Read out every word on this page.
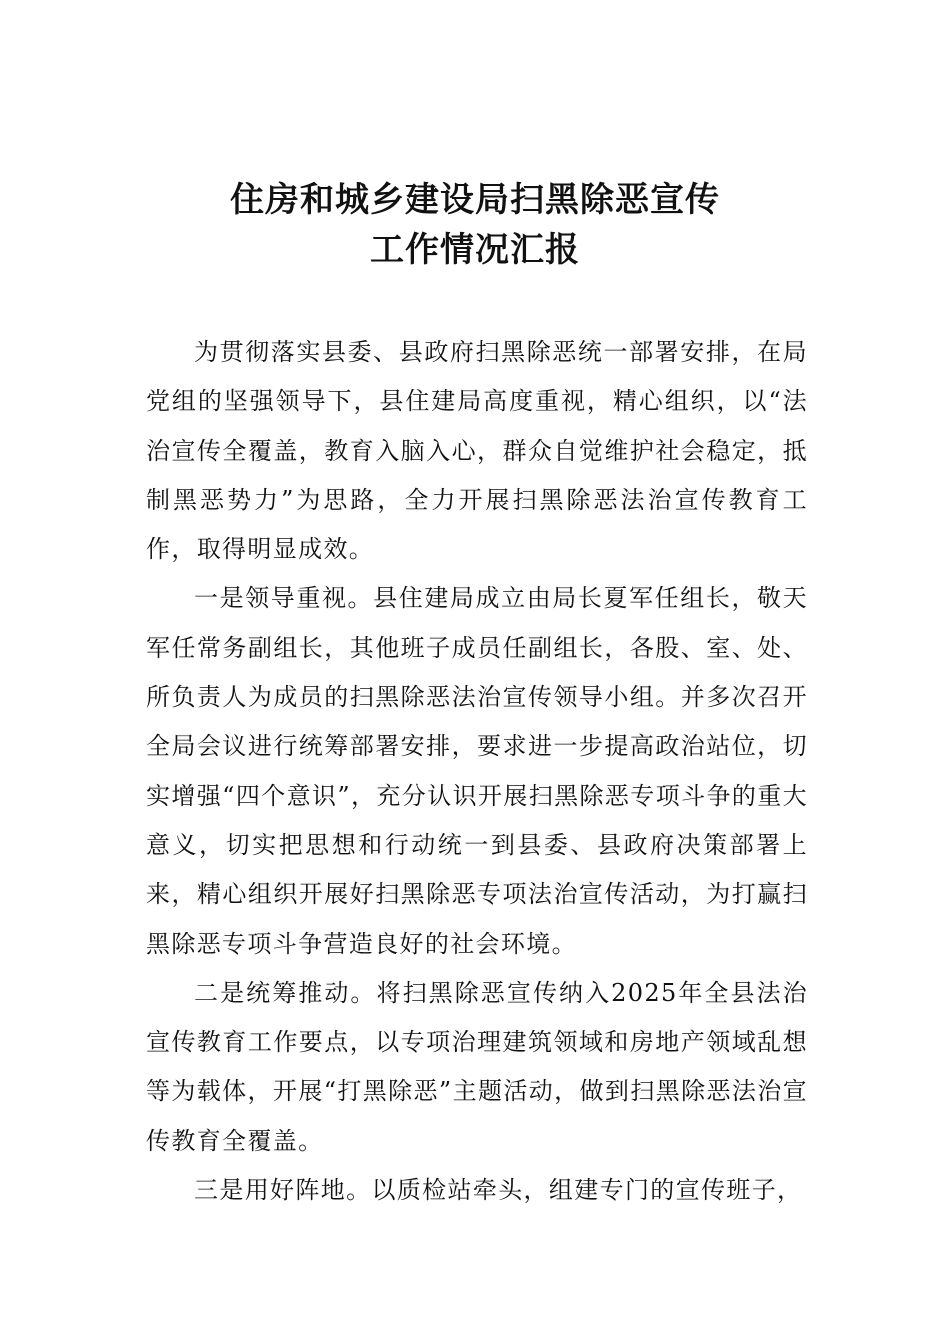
住房和城乡建设局扫黑除恶宣传
工作情况汇报

为贯彻落实县委、县政府扫黑除恶统一部署安排，在局党组的坚强领导下，县住建局高度重视，精心组织，以“法治宣传全覆盖，教育入脑入心，群众自觉维护社会稳定，抵制黑恶势力”为思路，全力开展扫黑除恶法治宣传教育工作，取得明显成效。

一是领导重视。县住建局成立由局长夏军任组长，敬天军任常务副组长，其他班子成员任副组长，各股、室、处、所负责人为成员的扫黑除恶法治宣传领导小组。并多次召开全局会议进行统筹部署安排，要求进一步提高政治站位，切实增强“四个意识”，充分认识开展扫黑除恶专项斗争的重大意义，切实把思想和行动统一到县委、县政府决策部署上来，精心组织开展好扫黑除恶专项法治宣传活动，为打赢扫黑除恶专项斗争营造良好的社会环境。

二是统筹推动。将扫黑除恶宣传纳入2025年全县法治宣传教育工作要点，以专项治理建筑领域和房地产领域乱想等为载体，开展“打黑除恶”主题活动，做到扫黑除恶法治宣传教育全覆盖。

三是用好阵地。以质检站牵头，组建专门的宣传班子，
